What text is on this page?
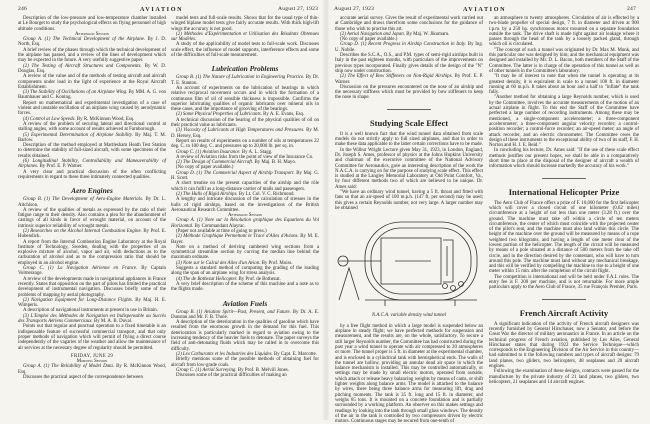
246	AVIATION	August 27, 1923

Description of the low-pressure and low-temperature chamber installed at Le Bourget to study the psychological effects on flying personnel of high altitude conditions.

Afternoon Session

Group A. (1) The Technical Development of the Airplane. By J. D. North, Esq.

A brief review of the phases through which the technical development of the airplane has passed, and a review of the lines of development which may be expected in the future. A very usefully suggestive paper.

(2) The Testing of Aircraft Structures and Components. By W. D. Douglas, Esq.

A review of the value and of the methods of testing aircraft and aircraft components under load in the light of experience at the Royal Aircraft Establishment.

(3) The Stability of Oscillations of an Airplane Wing. By MM. A. G. von Baumhauer and C. Koning.

Report on mathematical and experimental investigation of a case of violent and unstable oscillation of an airplane wing caused by aerodynamic forces.

(4) Control at Low Speeds. By R. McKinnon Wood, Esq.

A review of the problem of securing lateral and directional control at stalling angles, with some account of results achieved at Farnborough.

(5) Experimental Determination of Airplane Stability. By Maj. T. M. Barlow.

Description of the method employed at Martlesham Heath Test Station to determine the stability of full-sized aircraft, with some specimens of the results obtained.

(6) Longitudinal Stability, Controllability and Maneuverability of Airplanes. By Prof. E. P. Warner.

A very clear and practical discussion of the often conflicting requirements in regard to these three intimately connected qualities.

Aero Engines

Group B. (1) The Development of Aero-Engine Materials. By Dr. L. Aitchison.

A review of the qualities of metals as expressed by the ratio of their fatigue range to their density. Also contains a plea for the abandonment of castings of all kinds in favor of wrought material, on account of the intrinsic superior reliability of wrought metals.

(2) Researches on the Alcohol Internal Combustion Engine. By Prof. E. Hubendick.

A report from the Internal Combustion Engine Laboratory at the Royal Institute of Technology, Sweden, dealing with the properties of an explosive mixture of alcohol, vapor and air, with deductions as to the carburation of alcohol and as to the compression ratio that should be employed in an alcohol engine.

Group C. (1) La Navigation Aérienne en France. By Captain Volmerange.

A review of the developments made in navigational appliances in France recently. States that opposition on the part of pilots has limited the practical development of instrumental navigation. Discusses briefly some of the problems of mapping by aerial photography.

(2) Navigation Equipment for Long-Distance Flights. By Maj. H. E. Wimperis.

A description of navigational instruments at present in use in Britain.

(3) L'Emploi des Méthodes de Navigation est Indispensable au Succès des Transports Aériens Commerciaux. By M. A. B. Duval.

Points out that regular and punctual operation to a fixed timetable is an indispensable feature of successful commercial transport, and that only proper methods of navigation which will permit of flying a direct course independently of the vagaries of the weather and allow the maintenance of air services at the necessary degree of regularity should be permitted.

FRIDAY, JUNE 29
Morning Session

Group A. (1) The Reliability of Model Data. By R. McKinnon Wood, Esq.

Discusses the practical aspect of the correspondence between

model tests and full-scale results. Shows that for the usual type of thin-winged biplane model tests give fairly accurate results. With thick high-lift wings the accuracy is not good.

(2) Méthodes d'Expérimentation et Utilisation des Résultats Obtenues sur Modèles.

A study of the applicability of model tests to full-scale work. Discusses scale effect, the influence of model supports, interference effects and some of the difficulties of full-scale measurement.

Lubrication Problems

Group B. (1) The Nature of Lubrication in Engineering Practice. By Dr. T. E. Stanton.

An account of experiments on the lubrication of bearings in which relative reciprocal movement occurs and in which the formation of a continuous film of oil of sensible thickness is impossible. Confirms the superior lubricating qualities of organic lubricants over mineral oils in these cases, and the importance of grooving of the bearings.

(2) Some Physical Properties of Lubricants. By A. E. Evans, Esq.

A technical discussion of the bearing of the physical qualities of oil on their practical value as lubricants.

(3) Viscosity of Lubricants at High Temperatures and Pressures. By M. D. Hersey, Esq.

Report on results of experiments on a number of oils at temperatures 22 deg. C. to 100 deg. C. and pressures up to 20,000 lb. per sq. in.

Group C. (1) Aviation Insurance. By A. L. Stagg.

A review of Aviation risks from the point of view of the Insurance Co.

(2) The Design of Commercial Aircraft. By Maj. B. H. Mayo.

(No copy of paper available.)

Group D. (1) The Commercial Aspect of Airship Transport. By Maj. G. H. Scott.

A short treatise on the present capacities of the airship and the rôle which it can fulfil as a long-distance carrier of mails and passengers.

(2) The Hulls of Rigid Airships. By Lt. Col. V. C. Richmond.

A lengthy and intricate discussion of the calculation of stresses in the hulls of rigid airships, based on the investigations of the British Aeronautical Research Committee.

Afternoon Session

Group A. (1) Note sur la Résolution graphique des Equations du Vol Horizontal. By Commandant Alayrac.

(Paper not available at time of going to press.)

(2) Méthode Graphique Permettant le Tracé d'Ailes d'Avions. By M. E. Bayer.

Note on a method of deriving cambered wing sections from a symmetrical streamline section by curving the median line behind the maximum ordinate.

(3) Note sur le Calcul des Ailes d'un Avion. By Prof. Moiss.

Suggests a standard method of computing the grading of the loading along the span of an airplane wing for stress analysis.

(4) The de Bothezat Helicopter. By Prof. de Bothezat.

A very brief description of the scheme of this machine and a note as to the flights made.

Aviation Fuels

Group B. (1) Aviation Spirit—Past, Present, and Future. By Dr. A. E. Dunstan and Mr. F. B. Thole.

A description of the deterioration in the qualities of gasoline which have resulted from the enormous growth in the demand for this fuel. This deterioration is particularly marked in regard to aviation owing to the increasing tendency of the heavier fuels to detonate. The paper surveys the field of anti-detonating fluids which may be called in to overcome this difficulty.

(2) Les Carburants et les Industries des Liquides. By Capt. E. Marcotte.

Briefly mentions some of the possible methods of obtaining fuel for aircraft from low-grade coals.

Group C. (1) Aerial Surveying. By Prof. B. Melvill Jones.

Discusses some of the practical difficulties of making an

August 27, 1923	AVIATION	247

accurate aerial survey. Gives the result of experimental work carried out at Cambridge and draws therefrom some conclusions for the guidance of those who wish to practise this art.

(2) Aerial Navigation and Japan. By Maj. W. Jikumaru.

(No copy of paper available.)

Group D. (1) Recent Progress in Airship Construction in Italy. By Ing. U. Nobile.

Describes the S.C.A., O.S., and P.M. types of semi-rigid airships built in Italy in the past eighteen months, with particulars of the improvements on previous types incorporated. Finally gives details of the design of the "N" ship now under construction.

(2) The Effect of Bow Stiffeners on Non-Rigid Airships. By Prof. E. P. Warner.

Discussion on the pressures encountered on the nose of an airship and the necessary stiffness which must be provided by bow stiffeners to keep the nose in shape.

Studying Scale Effect

It is a well known fact that the wind tunnel data obtained from scale models do not strictly apply to full sized airplanes, and that in order to make these data applicable to the latter certain corrections have to be made.

In the Wilbur Wright Lecture given May 31, 1923, in London, England, Dr. Joseph S. Ames, professor of physics at the Johns Hopkins University and chairman of the executive committee of the National Advisory Committee for Aeronautics, gave an interesting description of the work the N.A.C.A. is carrying on for the purpose of studying scale effect. This effect is studied at the Langley Memorial Laboratory at Old Point Comfort, Va., by four different methods two of which are believed to be unique. Dr. Ames said:

"We have an ordinary wind tunnel, having a 5 ft. throat and fitted with fans so that an air-speed of 100 m.p.h. (147 ft. per second) may be used; this gives a certain Reynolds number, not very large. A larger number may be obtained

N.A.C.A. variable density wind tunnel

by a free flight method in which a large model is suspended below an airplane in steady flight; we have perfected methods for suspension and measurement, and the results are, on the whole, satisfactory. To secure a still larger Reynolds number, the Committee has had constructed during the past year a wind tunnel to operate with air compressed to 20 atmospheres or more. The tunnel proper is 5 ft. in diameter at the experimental chamber, and is enclosed in a cylindrical tank with hemispherical ends. The walls of the tunnel are hollow, providing an annular dead air space in which the balance mechanism is installed. This may be controlled automatically, or settings may be made by small electric motors, operated from outside, which attach or release heavy balancing weights by means of cams, or shift lighter weights along balance arms. The model is attached to the balance by wires, there being three balance arms for measuring lift, drag and pitching moments. The tank is 35 ft. long and 15 ft. in diameter, and weighs 85 tons. It is mounted on a concrete foundation and is partially surrounded by a working platform. An observer on this makes settings and readings by looking into the tank through small glass windows. The density of the air in the tank is controlled by two compressors driven by electric motors. Continuous stages may be secured from one-tenth of

an atmosphere to twenty atmospheres. Circulation of air is effected by a two-blade propeller of special design, 7 ft. in diameter and driven at 900 r.p.m. by a 250 hp. synchronous motor mounted on a separate foundation outside the tank. The drive shaft is made tight against air leakage where it passes through the head of the tank by a loosely packed gland, through which oil is circulated.

"The concept of such a tunnel was originated by Dr. Max M. Munk, and this particular one was designed by him; and the mechanical equipment was designed and installed by Mr. D. L. Bacon, both members of the Staff of the Committee. The latter is in charge of the operation of this tunnel as well as of other tunnels in the Committee's laboratory.

"It may be of interest to note that when the tunnel is operating at its greatest density, it is equivalent in scale to a tunnel 100 ft. in diameter running at 60 m.p.h. It takes about an hour and a half to "inflate" the tank fully.

"Another method for obtaining a large Reynolds number, which is used by the Committee, involves the accurate measurements of the motion of an actual airplane in flight. To this end the Staff of the Committee have perfected a large number of recording instruments. Among these may be mentioned, a single-component accelerometer; a three-component accelerometer; a three-component angular velocity recorder; a control-position recorder; a control-force recorder; an air-speed meter; an angle of attack recorder, and an electric chronometer. The Committee owes the design of these instruments to the exceptional ability of two of its staff, F. H. Norton and H. J. E. Reid."

In concluding his lecture, Dr. Ames said: "If the use of these scale effect methods justifies our present hopes, we shall be able in a comparatively short time to place at the disposal of the designer of aircraft a wealth of information which should increase markedly the accuracy of his work."

International Helicopter Prize

The Aero Club of France offers a prize of F. 10,000 for the first helicopter which will cover a closed circuit of one kilometer (0.62 miles) circumference at a height of not less than one meter (3.28 ft.) over the ground. The machine must take off within a circle of ten meters circumference, the center of which must coincide with the projected center of the pilot's seat, and the machine must also land within this circle. The height of the machine over the ground will be measured by means of a rope weighted two kilograms, and having a length of one meter clear of the lowest portion of the helicopter. The length of the circuit will be measured by means of a pole situated at a distance of 500 meters from the take off circle, and in the direction desired by the contestant, who will have to turn around this pole. The machine must land without any mechanical breakage, and this will be verified by compelling the machine to rise to a height of one meter within 15 min. after the completion of the circuit flight.

The competition is international and will be held under F.A.I. rules. The entry fee is F. 200 per machine, and is not returnable. For more ample particulars apply to the Aero Club of France, 35 rue François Premier, Paris.

French Aircraft Activity

A significant indication of the activity of French aircraft designers was recently furnished by General Hirschauer, now a Senator, and before the Great War the director of military aeronautics in France. In an article on the technical progress of French aviation, published by Les Ailes, General Hirschauer states that during 1922 the Service Technique—which corresponds to the Engineering Division of the Air Service in this country—had submitted to it the following numbers and types of aircraft designs: 79 land planes, two gliders, two helicopters, 48 seaplanes and 20 aircraft engines.

Following the examination of these designs, contracts were passed for the manufacture by the private industry of 21 land planes, two gliders, two helicopters, 21 seaplanes and 14 aircraft engines.
